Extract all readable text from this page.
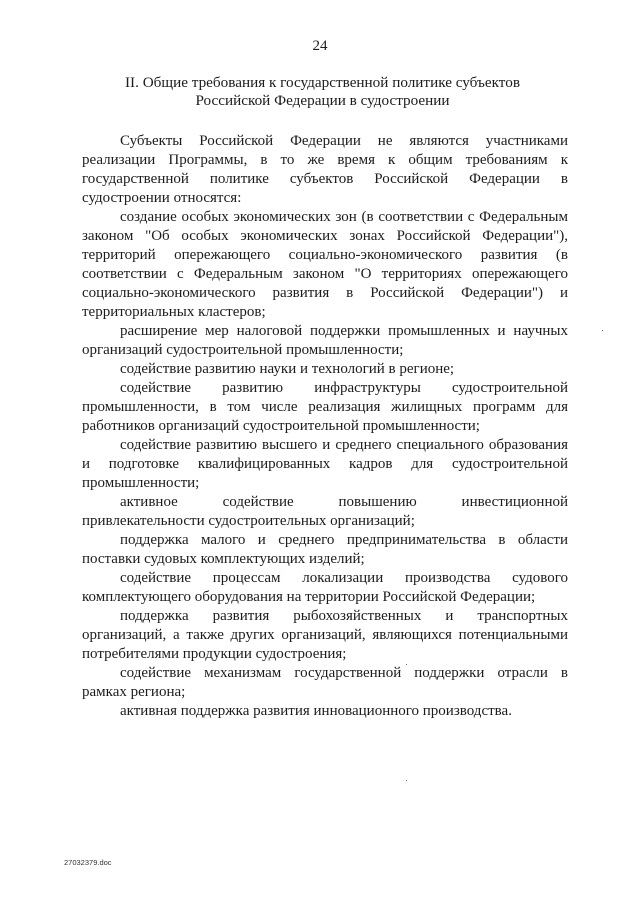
24
II. Общие требования к государственной политике субъектов
Российской Федерации в судостроении

Субъекты Российской Федерации не являются участниками реализации Программы, в то же время к общим требованиям к государственной политике субъектов Российской Федерации в судостроении относятся:

создание особых экономических зон (в соответствии с Федеральным законом "Об особых экономических зонах Российской Федерации"), территорий опережающего социально-экономического развития (в соответствии с Федеральным законом "О территориях опережающего социально-экономического развития в Российской Федерации") и территориальных кластеров;

расширение мер налоговой поддержки промышленных и научных организаций судостроительной промышленности;

содействие развитию науки и технологий в регионе;

содействие развитию инфраструктуры судостроительной промышленности, в том числе реализация жилищных программ для работников организаций судостроительной промышленности;

содействие развитию высшего и среднего специального образования и подготовке квалифицированных кадров для судостроительной промышленности;

активное содействие повышению инвестиционной привлекательности судостроительных организаций;

поддержка малого и среднего предпринимательства в области поставки судовых комплектующих изделий;

содействие процессам локализации производства судового комплектующего оборудования на территории Российской Федерации;

поддержка развития рыбохозяйственных и транспортных организаций, а также других организаций, являющихся потенциальными потребителями продукции судостроения;

содействие механизмам государственной поддержки отрасли в рамках региона;

активная поддержка развития инновационного производства.

27032379.doc
